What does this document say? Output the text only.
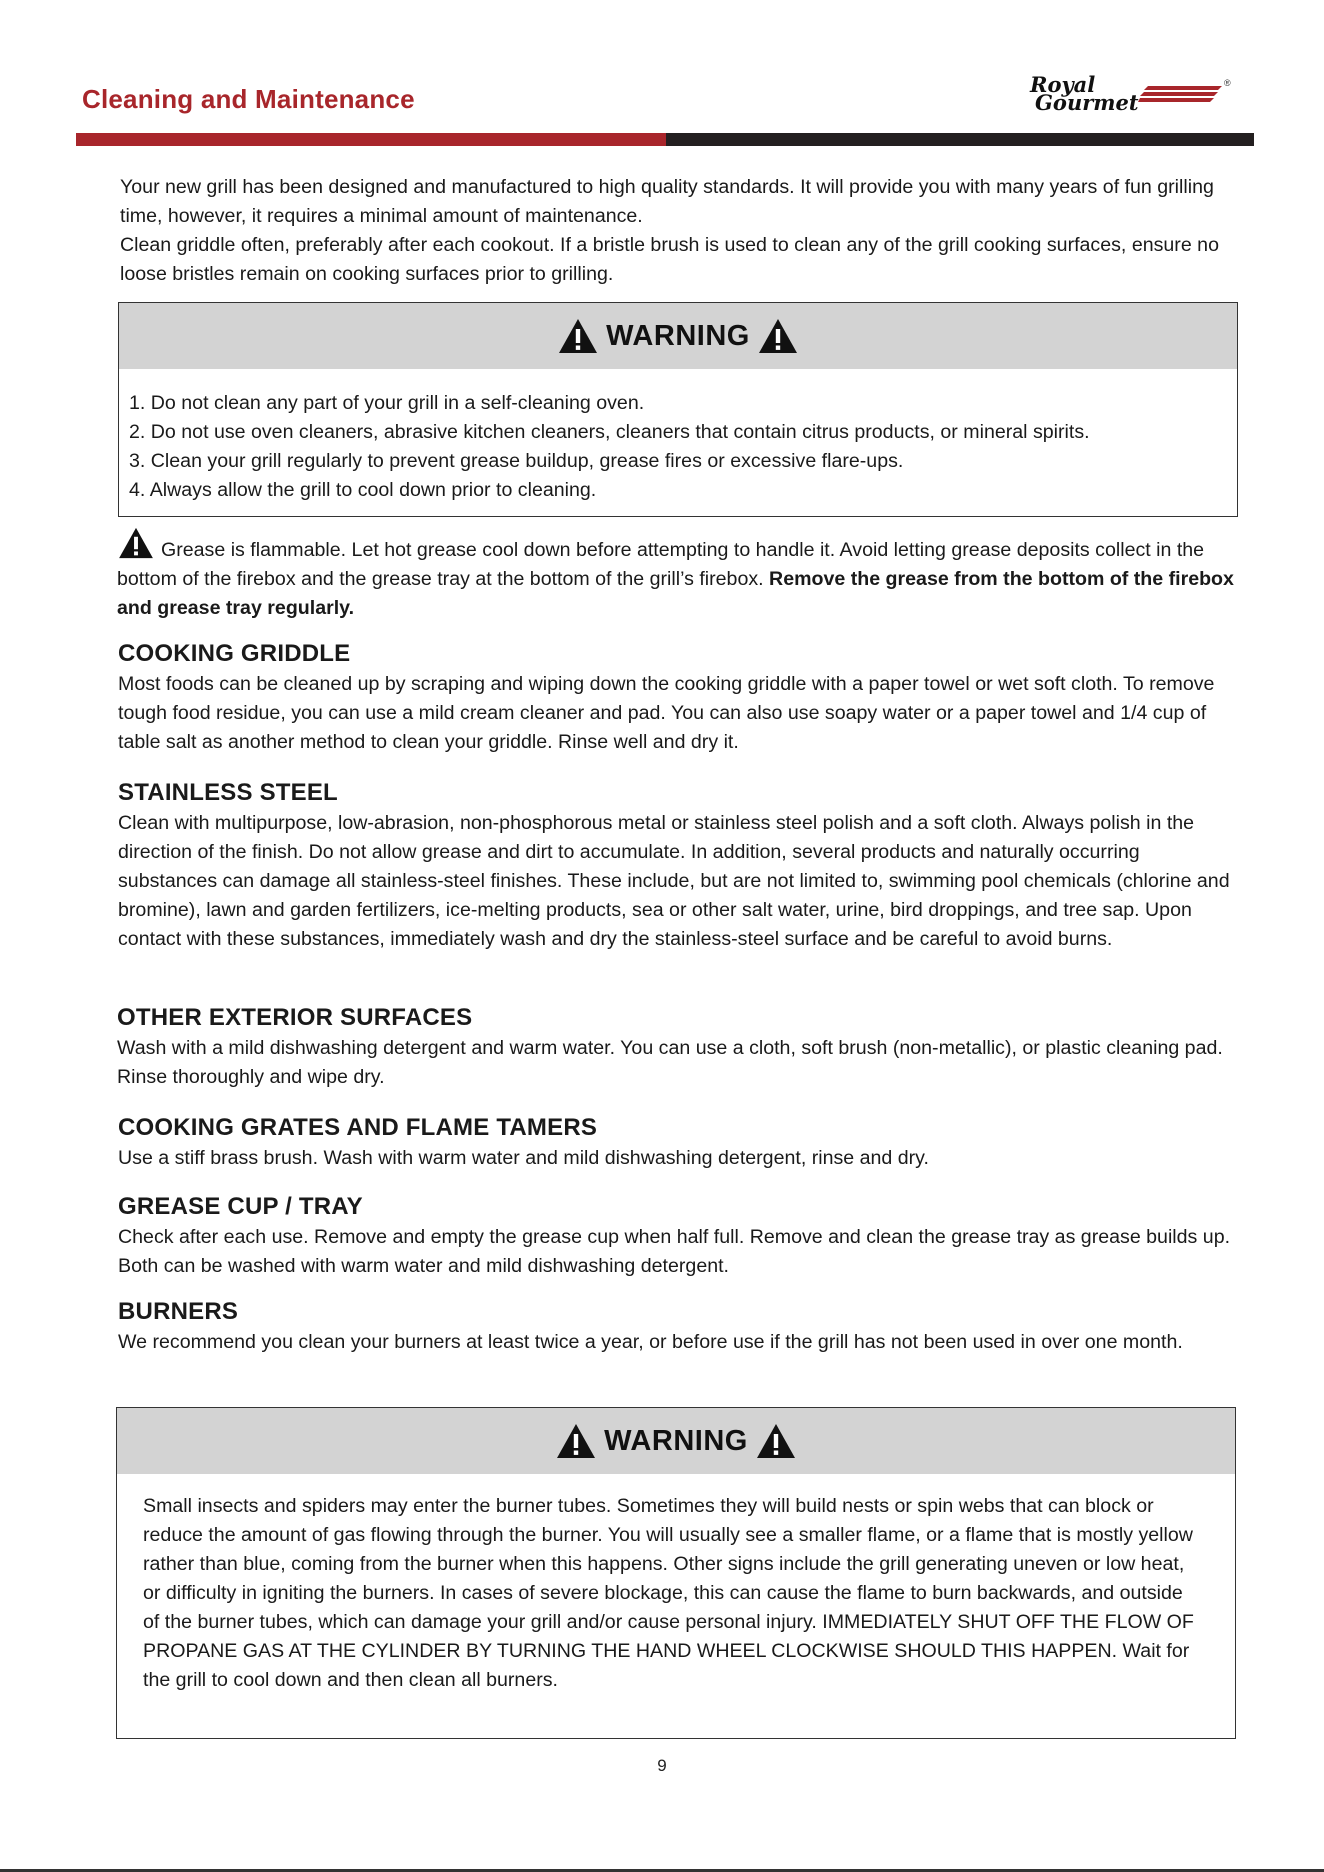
Cleaning and Maintenance	Royal
Gourmet
®

Your new grill has been designed and manufactured to high quality standards. It will provide you with many years of fun grilling time, however, it requires a minimal amount of maintenance.

Clean griddle often, preferably after each cookout. If a bristle brush is used to clean any of the grill cooking surfaces, ensure no loose bristles remain on cooking surfaces prior to grilling.

WARNING
1. Do not clean any part of your grill in a self-cleaning oven.
2. Do not use oven cleaners, abrasive kitchen cleaners, cleaners that contain citrus products, or mineral spirits.
3. Clean your grill regularly to prevent grease buildup, grease fires or excessive flare-ups.
4. Always allow the grill to cool down prior to cleaning.

Grease is flammable. Let hot grease cool down before attempting to handle it. Avoid letting grease deposits collect in the bottom of the firebox and the grease tray at the bottom of the grill’s firebox. Remove the grease from the bottom of the firebox and grease tray regularly.

COOKING GRIDDLE

Most foods can be cleaned up by scraping and wiping down the cooking griddle with a paper towel or wet soft cloth. To remove tough food residue, you can use a mild cream cleaner and pad. You can also use soapy water or a paper towel and 1/4 cup of table salt as another method to clean your griddle. Rinse well and dry it.

STAINLESS STEEL

Clean with multipurpose, low-abrasion, non-phosphorous metal or stainless steel polish and a soft cloth. Always polish in the direction of the finish. Do not allow grease and dirt to accumulate. In addition, several products and naturally occurring substances can damage all stainless-steel finishes. These include, but are not limited to, swimming pool chemicals (chlorine and bromine), lawn and garden fertilizers, ice-melting products, sea or other salt water, urine, bird droppings, and tree sap. Upon contact with these substances, immediately wash and dry the stainless-steel surface and be careful to avoid burns.

OTHER EXTERIOR SURFACES

Wash with a mild dishwashing detergent and warm water. You can use a cloth, soft brush (non-metallic), or plastic cleaning pad. Rinse thoroughly and wipe dry.

COOKING GRATES AND FLAME TAMERS

Use a stiff brass brush. Wash with warm water and mild dishwashing detergent, rinse and dry.

GREASE CUP / TRAY

Check after each use. Remove and empty the grease cup when half full. Remove and clean the grease tray as grease builds up. Both can be washed with warm water and mild dishwashing detergent.

BURNERS

We recommend you clean your burners at least twice a year, or before use if the grill has not been used in over one month.

WARNING
Small insects and spiders may enter the burner tubes. Sometimes they will build nests or spin webs that can block or reduce the amount of gas flowing through the burner. You will usually see a smaller flame, or a flame that is mostly yellow rather than blue, coming from the burner when this happens. Other signs include the grill generating uneven or low heat, or difficulty in igniting the burners. In cases of severe blockage, this can cause the flame to burn backwards, and outside of the burner tubes, which can damage your grill and/or cause personal injury. IMMEDIATELY SHUT OFF THE FLOW OF PROPANE GAS AT THE CYLINDER BY TURNING THE HAND WHEEL CLOCKWISE SHOULD THIS HAPPEN. Wait for the grill to cool down and then clean all burners.
9
